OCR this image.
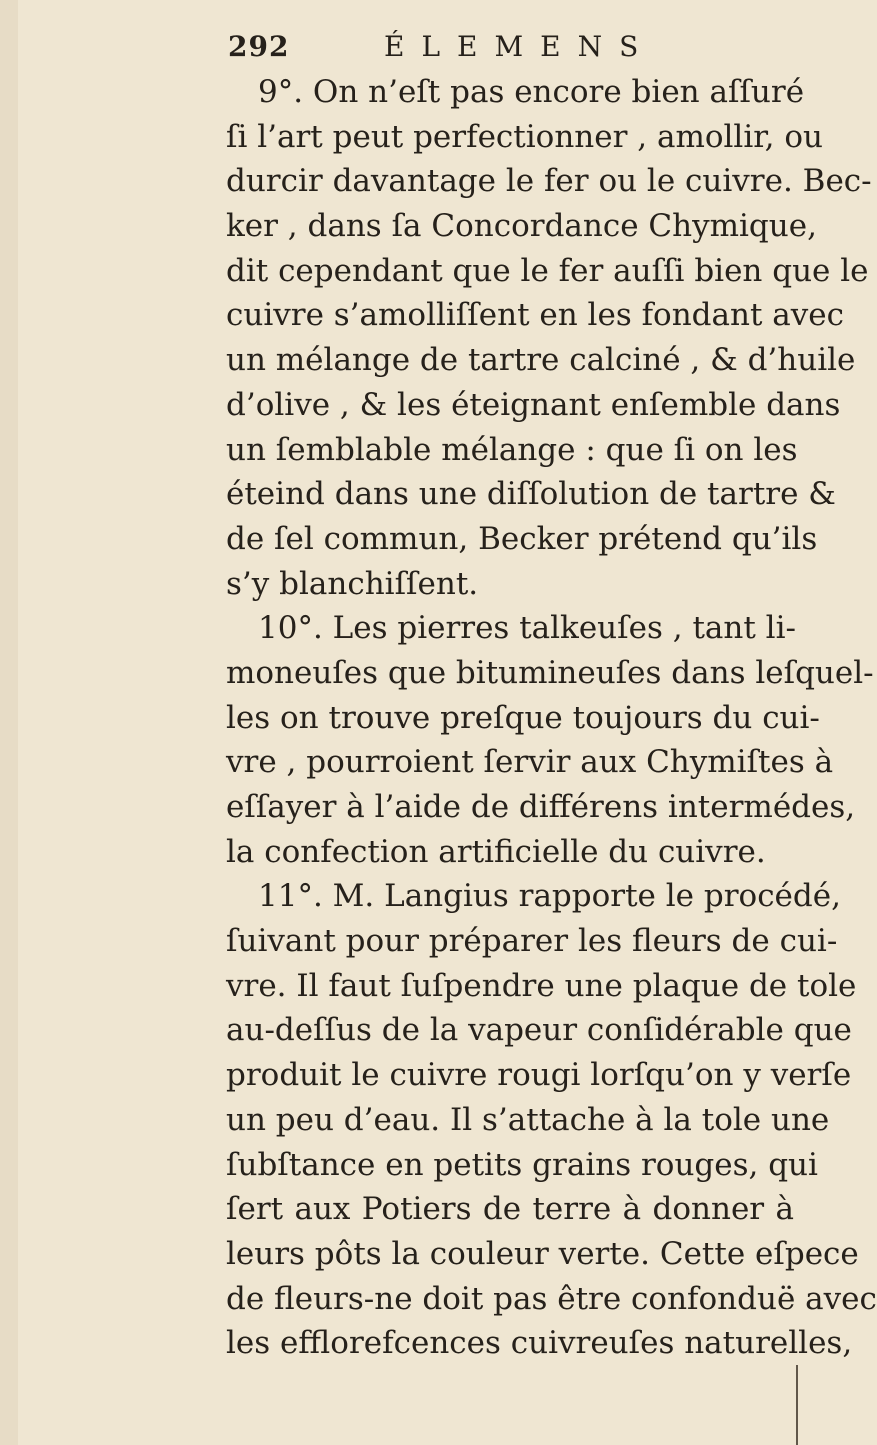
292	ÉLEMENS
9°. On n’eſt pas encore bien aſſuré
ſi l’art peut perfectionner , amollir, ou
durcir davantage le fer ou le cuivre. Bec-
ker , dans ſa Concordance Chymique,
dit cependant que le fer auſſi bien que le
cuivre s’amolliſſent en les fondant avec
un mélange de tartre calciné , & d’huile
d’olive , & les éteignant enſemble dans
un ſemblable mélange : que ſi on les
éteind dans une diſſolution de tartre &
de ſel commun, Becker prétend qu’ils
s’y blanchiſſent.
10°. Les pierres talkeuſes , tant li-
moneuſes que bitumineuſes dans leſquel-
les on trouve preſque toujours du cui-
vre , pourroient ſervir aux Chymiſtes à
eſſayer à l’aide de différens intermédes,
la confection artificielle du cuivre.
11°. M. Langius rapporte le procédé,
ſuivant pour préparer les fleurs de cui-
vre. Il faut ſuſpendre une plaque de tole
au-deſſus de la vapeur conſidérable que
produit le cuivre rougi lorſqu’on y verſe
un peu d’eau. Il s’attache à la tole une
ſubſtance en petits grains rouges, qui
ſert aux Potiers de terre à donner à
leurs pôts la couleur verte. Cette eſpece
de fleurs-ne doit pas être confonduë avec
les efflorefcences cuivreuſes naturelles,
